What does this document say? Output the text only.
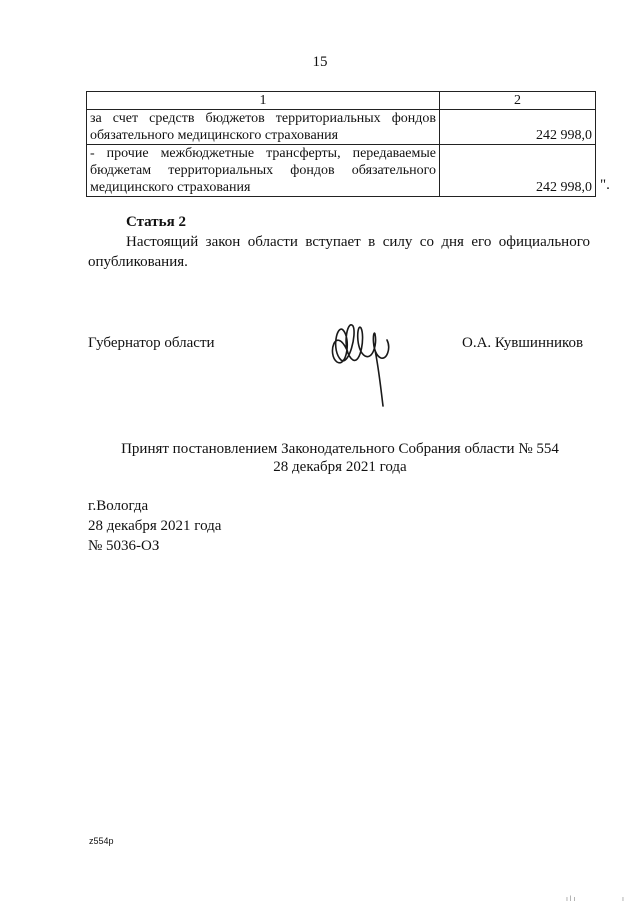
15
1	2
за счет средств бюджетов территориальных фондов обязательного медицинского страхования	242 998,0
- прочие межбюджетные трансферты, передаваемые бюджетам территориальных фондов обязательного медицинского страхования	242 998,0 ".
Статья 2
Настоящий закон области вступает в силу со дня его официального опубликования.
Губернатор области	О.А. Кувшинников
Принят постановлением Законодательного Собрания области № 554
28 декабря 2021 года
г.Вологда
28 декабря 2021 года
№ 5036-ОЗ
z554p
ı l ı	ı
